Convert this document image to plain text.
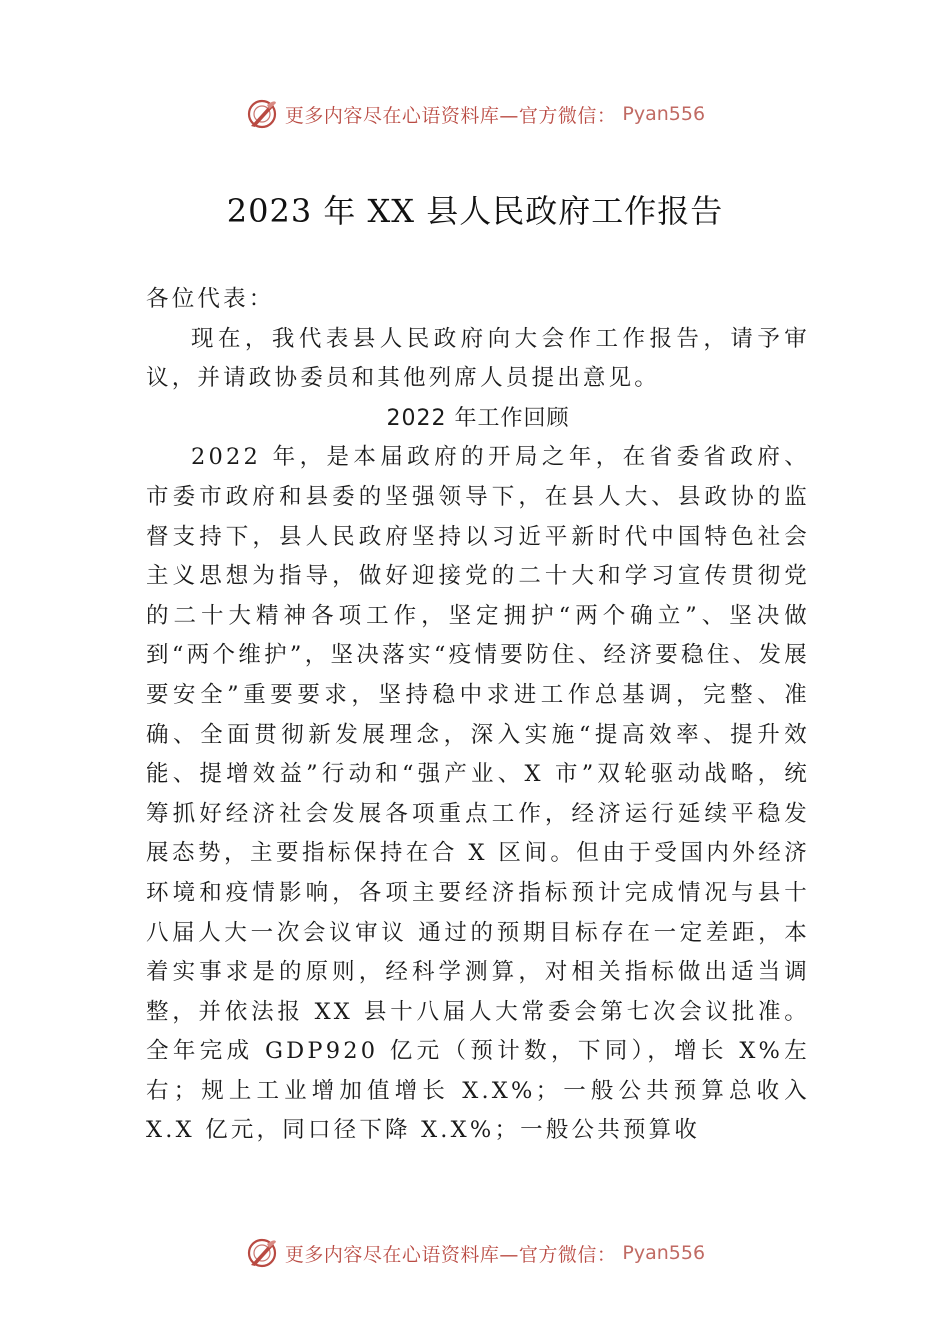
更多内容尽在心语资料库—官方微信： Pyan556
2023 年 XX 县人民政府工作报告

各位代表：

现在，我代表县人民政府向大会作工作报告，请予审议，并请政协委员和其他列席人员提出意见。

2022 年工作回顾

2022 年，是本届政府的开局之年，在省委省政府、市委市政府和县委的坚强领导下，在县人大、县政协的监督支持下，县人民政府坚持以习近平新时代中国特色社会主义思想为指导，做好迎接党的二十大和学习宣传贯彻党的二十大精神各项工作，坚定拥护“两个确立”、坚决做到“两个维护”，坚决落实“疫情要防住、经济要稳住、发展要安全”重要要求，坚持稳中求进工作总基调，完整、准确、全面贯彻新发展理念，深入实施“提高效率、提升效能、提增效益”行动和“强产业、X 市”双轮驱动战略，统筹抓好经济社会发展各项重点工作，经济运行延续平稳发展态势，主要指标保持在合 X 区间。但由于受国内外经济环境和疫情影响，各项主要经济指标预计完成情况与县十八届人大一次会议审议 通过的预期目标存在一定差距，本着实事求是的原则，经科学测算，对相关指标做出适当调整，并依法报 XX 县十八届人大常委会第七次会议批准。全年完成 GDP920 亿元（预计数，下同），增长 X%左右；规上工业增加值增长 X.X%；一般公共预算总收入 X.X 亿元，同口径下降 X.X%；一般公共预算收

更多内容尽在心语资料库—官方微信： Pyan556
